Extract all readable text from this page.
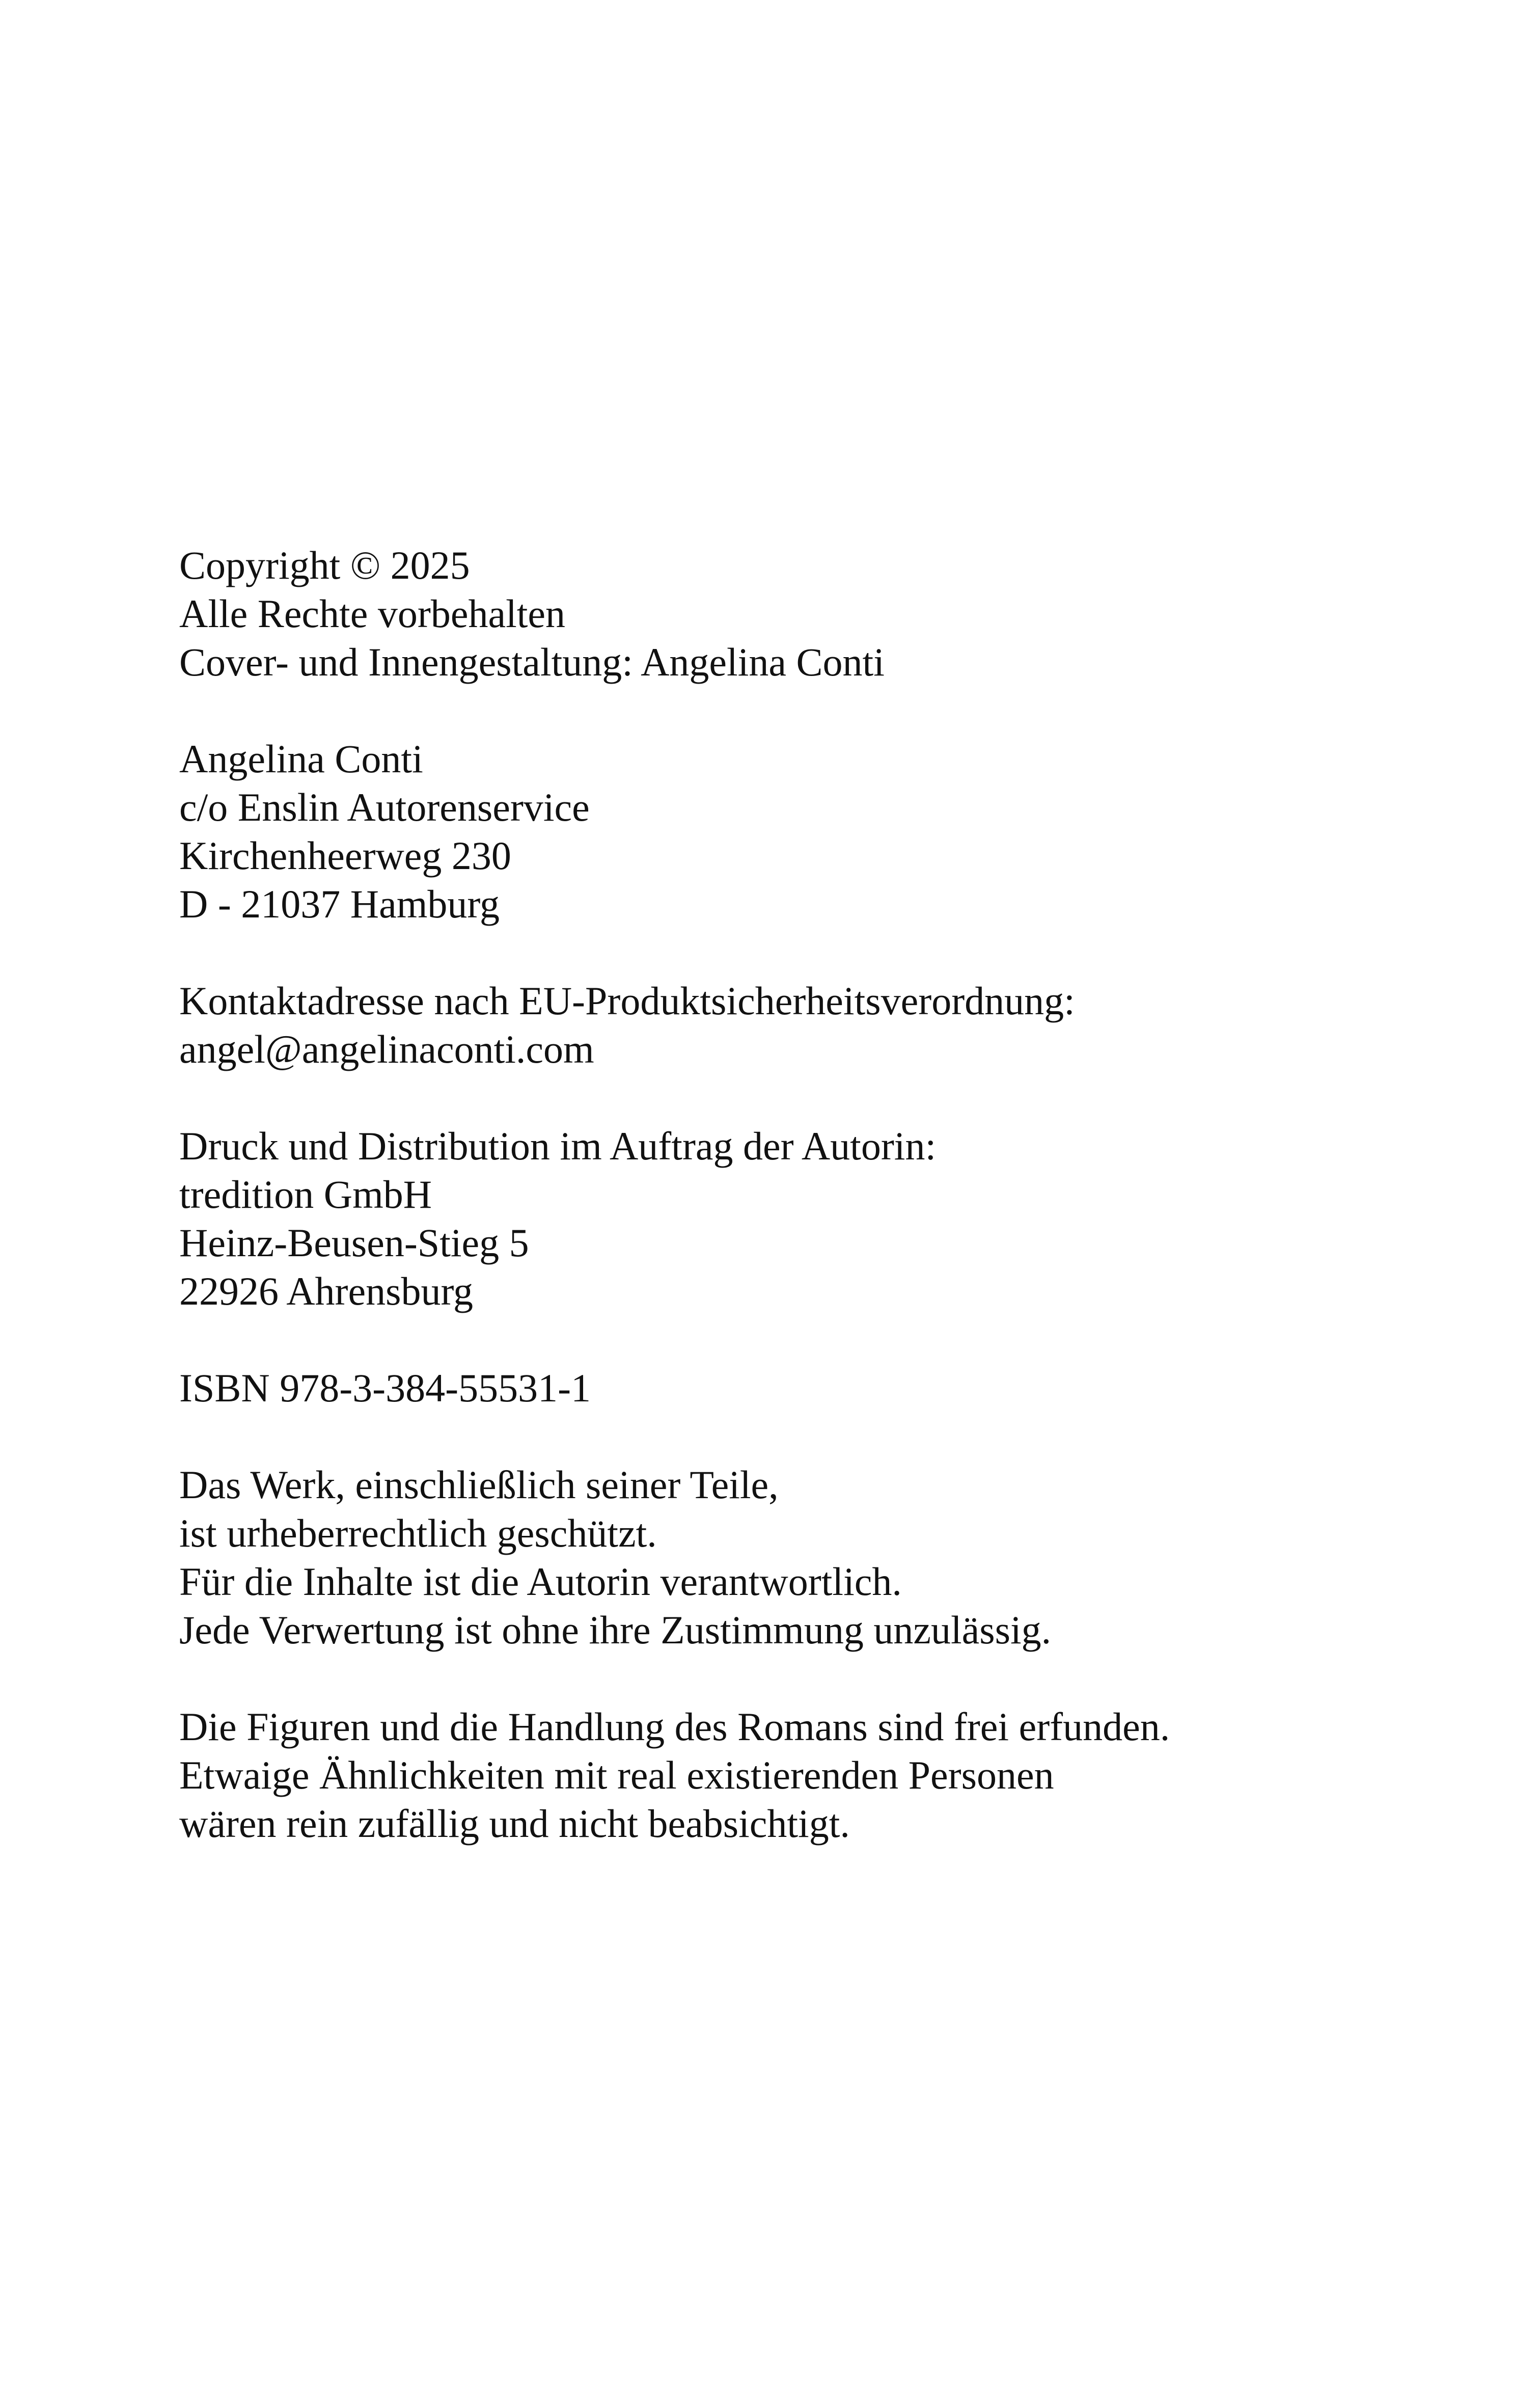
Copyright © 2025
Alle Rechte vorbehalten
Cover- und Innengestaltung: Angelina Conti
Angelina Conti
c/o Enslin Autorenservice
Kirchenheerweg 230
D - 21037 Hamburg
Kontaktadresse nach EU-Produktsicherheitsverordnung:
angel@angelinaconti.com
Druck und Distribution im Auftrag der Autorin:
tredition GmbH
Heinz-Beusen-Stieg 5
22926 Ahrensburg
ISBN 978-3-384-55531-1
Das Werk, einschließlich seiner Teile,
ist urheberrechtlich geschützt.
Für die Inhalte ist die Autorin verantwortlich.
Jede Verwertung ist ohne ihre Zustimmung unzulässig.
Die Figuren und die Handlung des Romans sind frei erfunden.
Etwaige Ähnlichkeiten mit real existierenden Personen
wären rein zufällig und nicht beabsichtigt.
